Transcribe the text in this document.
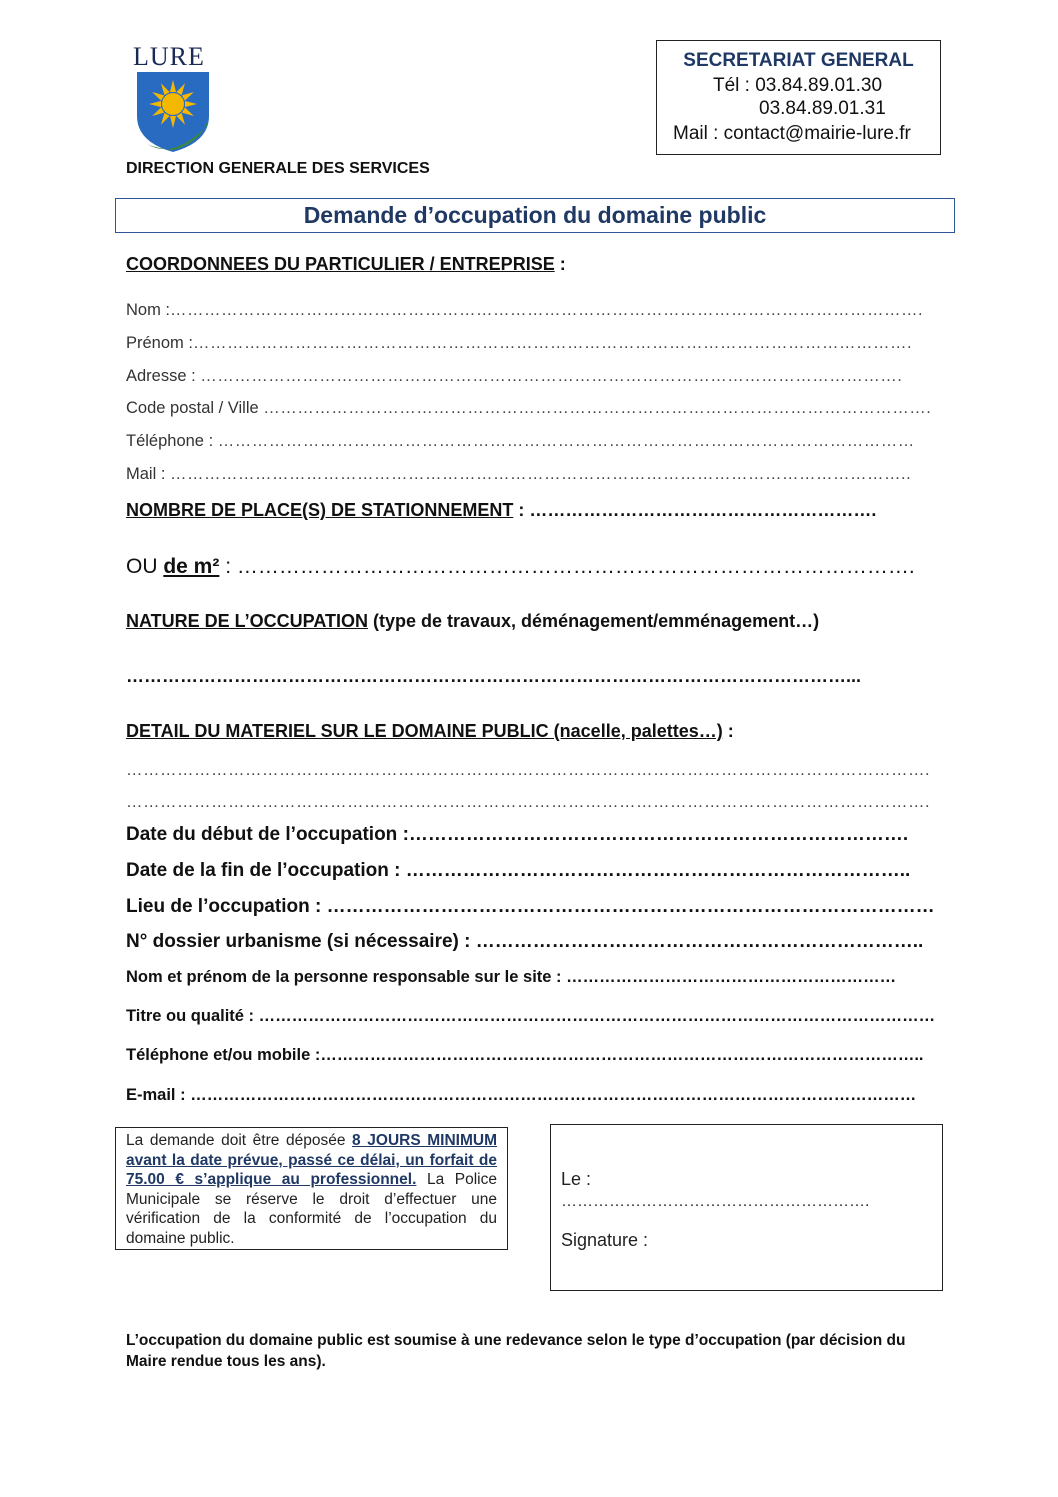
LURE	SECRETARIAT GENERAL
Tél : 03.84.89.01.30
03.84.89.01.31
Mail : contact@mairie-lure.fr
DIRECTION GENERALE DES SERVICES
Demande d’occupation du domaine public
COORDONNEES DU PARTICULIER / ENTREPRISE :
Nom :…………………………………………………………………………………………………………………….
Prénom :……………………………………………………………………………………………………………….
Adresse : …………………………………………………………………………………………………………….
Code postal / Ville ……………………………………………………………………………………………………….
Téléphone : ……………………………………………………………………………………………………………
Mail : …………………………………………………………………………………………………………………..
NOMBRE DE PLACE(S) DE STATIONNEMENT : ………………………………………………….
OU de m² : …………………………………………………………………………………….
NATURE DE L’OCCUPATION (type de travaux, déménagement/emménagement…)
…………………………………………………………………………………………………………...
DETAIL DU MATERIEL SUR LE DOMAINE PUBLIC (nacelle, palettes…) :
…………………………………………………………………………………………………………………………….
…………………………………………………………………………………………………………………………….
Date du début de l’occupation :…………………………………………………………………….
Date de la fin de l’occupation : ……………………………………………………………………..
Lieu de l’occupation : ……………………………………………………………………………………
N° dossier urbanisme (si nécessaire) : ……………………………………………………………..
Nom et prénom de la personne responsable sur le site : ……………………………………………………
Titre ou qualité : ……………………………………………………………………………………………………………
Téléphone et/ou mobile :………………………………………………………………………………………………..
E-mail : ……………………………………………………………………………………………………………………
La demande doit être déposée 8 JOURS MINIMUM avant la date prévue, passé ce délai, un forfait de 75.00 € s’applique au professionnel. La Police Municipale se réserve le droit d’effectuer une vérification de la conformité de l’occupation du domaine public.
Le :
………………………………………………….
Signature :
L’occupation du domaine public est soumise à une redevance selon le type d’occupation (par décision du Maire rendue tous les ans).
